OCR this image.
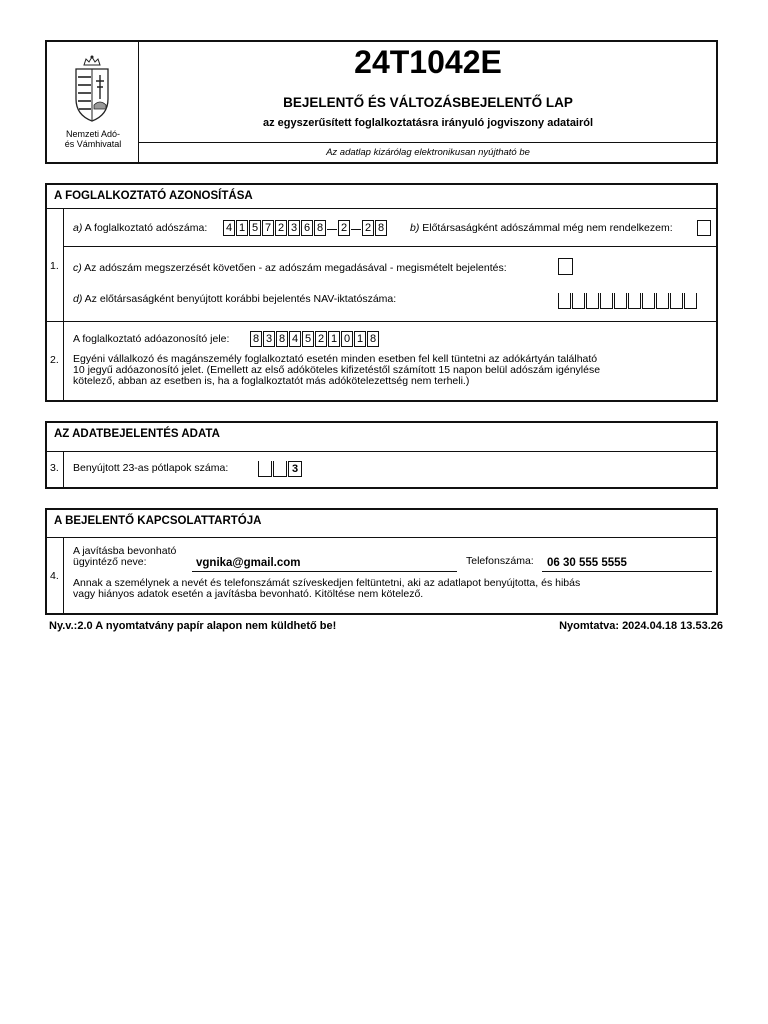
Nemzeti Adó-
és Vámhivatal
24T1042E
BEJELENTŐ ÉS VÁLTOZÁSBEJELENTŐ LAP
az egyszerűsített foglalkoztatásra irányuló jogviszony adatairól
Az adatlap kizárólag elektronikusan nyújtható be
A FOGLALKOZTATÓ AZONOSÍTÁSA
1.
a) A foglalkoztató adószáma: 4 1 5 7 2 3 6 8 2 2 8	b) Előtársaságként adószámmal még nem rendelkezem:
c) Az adószám megszerzését követően - az adószám megadásával - megismételt bejelentés:
d) Az előtársaságként benyújtott korábbi bejelentés NAV-iktatószáma:
2.
A foglalkoztató adóazonosító jele: 8 3 8 4 5 2 1 0 1 8
Egyéni vállalkozó és magánszemély foglalkoztató esetén minden esetben fel kell tüntetni az adókártyán található
10 jegyű adóazonosító jelet. (Emellett az első adóköteles kifizetéstől számított 15 napon belül adószám igénylése
kötelező, abban az esetben is, ha a foglalkoztatót más adókötelezettség nem terheli.)
AZ ADATBEJELENTÉS ADATA
3. Benyújtott 23-as pótlapok száma:	3
A BEJELENTŐ KAPCSOLATTARTÓJA
4.
A javításba bevonható
ügyintéző neve:	vgnika@gmail.com	Telefonszáma: 06 30 555 5555
Annak a személynek a nevét és telefonszámát szíveskedjen feltüntetni, aki az adatlapot benyújtotta, és hibás
vagy hiányos adatok esetén a javításba bevonható. Kitöltése nem kötelező.
Ny.v.:2.0 A nyomtatvány papír alapon nem küldhető be!	Nyomtatva: 2024.04.18 13.53.26
